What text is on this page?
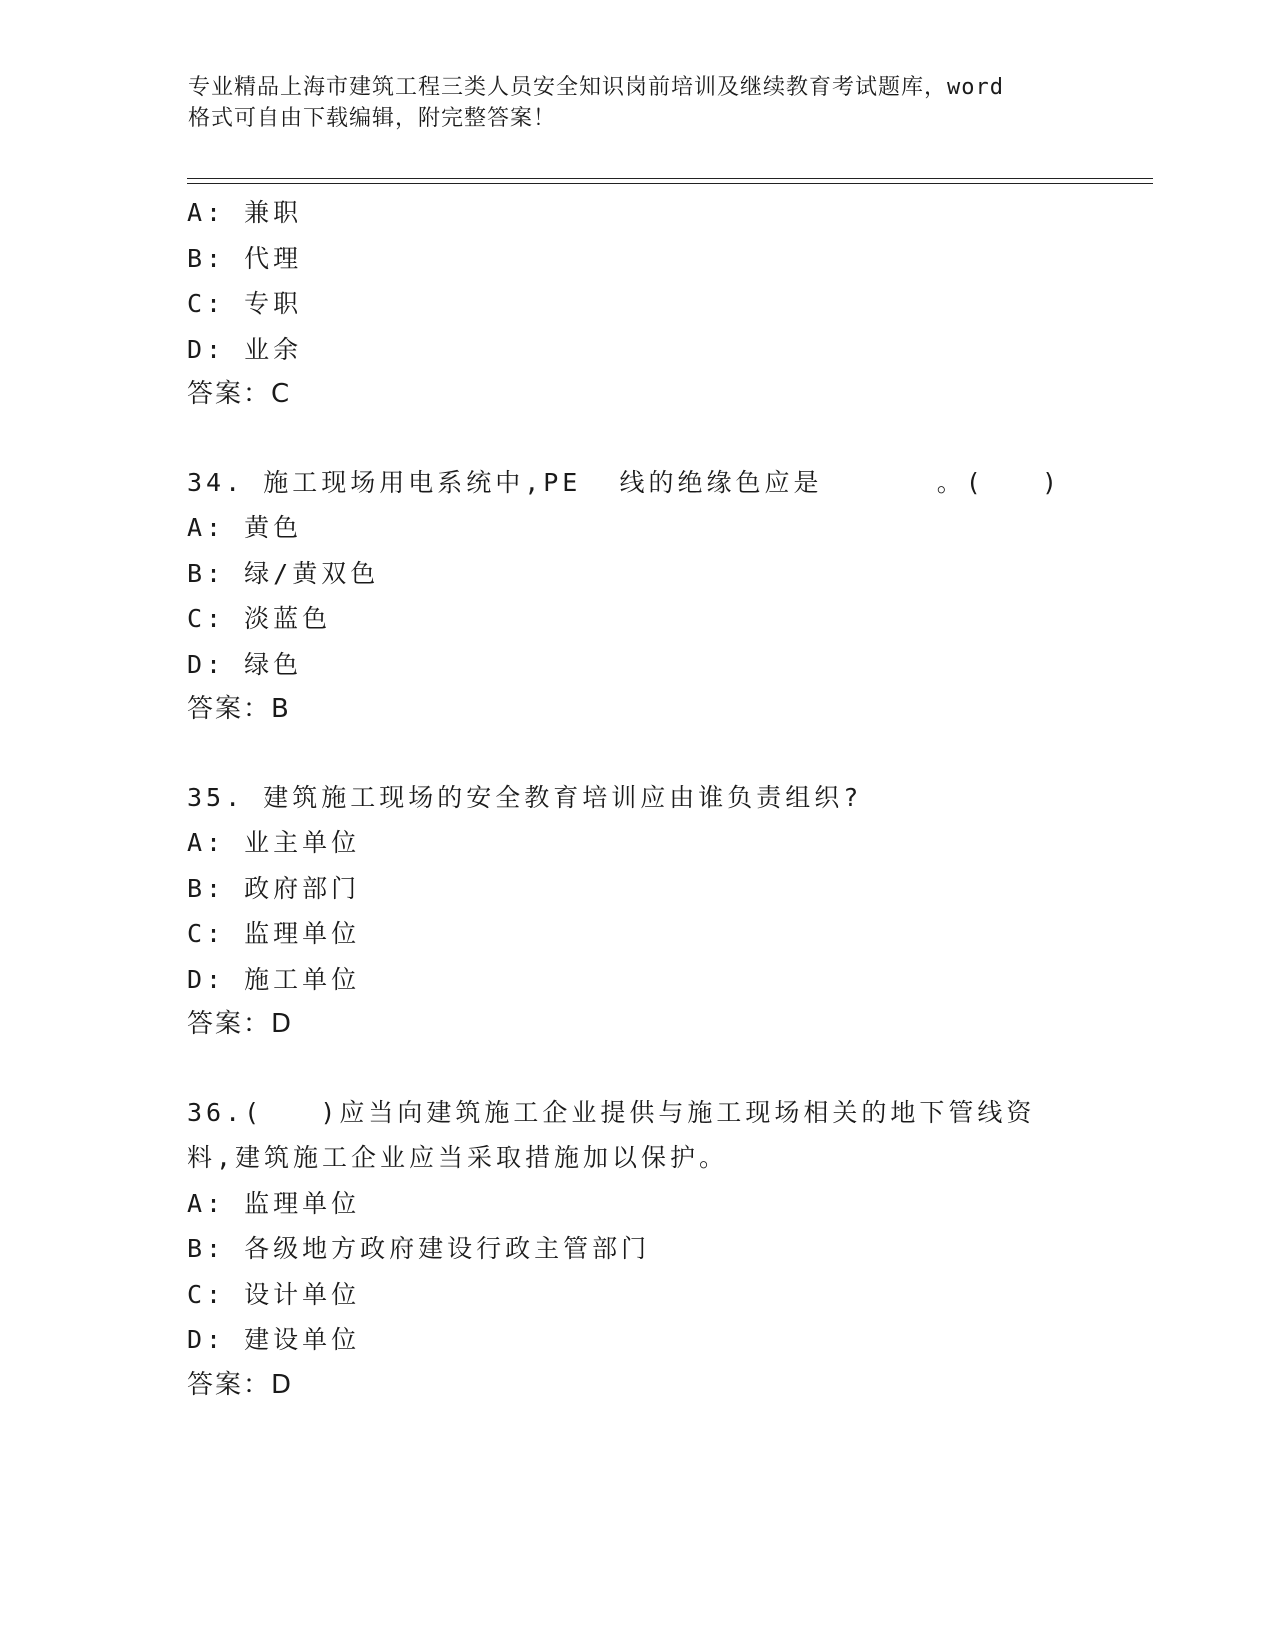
专业精品上海市建筑工程三类人员安全知识岗前培训及继续教育考试题库，word
格式可自由下载编辑，附完整答案！
A: 兼职
B: 代理
C: 专职
D: 业余
答案：C
34. 施工现场用电系统中,PE  线的绝缘色应是      。(   )
A: 黄色
B: 绿/黄双色
C: 淡蓝色
D: 绿色
答案：B
35. 建筑施工现场的安全教育培训应由谁负责组织?
A: 业主单位
B: 政府部门
C: 监理单位
D: 施工单位
答案：D
36.(   )应当向建筑施工企业提供与施工现场相关的地下管线资料,建筑施工企业应当采取措施加以保护。
A: 监理单位
B: 各级地方政府建设行政主管部门
C: 设计单位
D: 建设单位
答案：D
